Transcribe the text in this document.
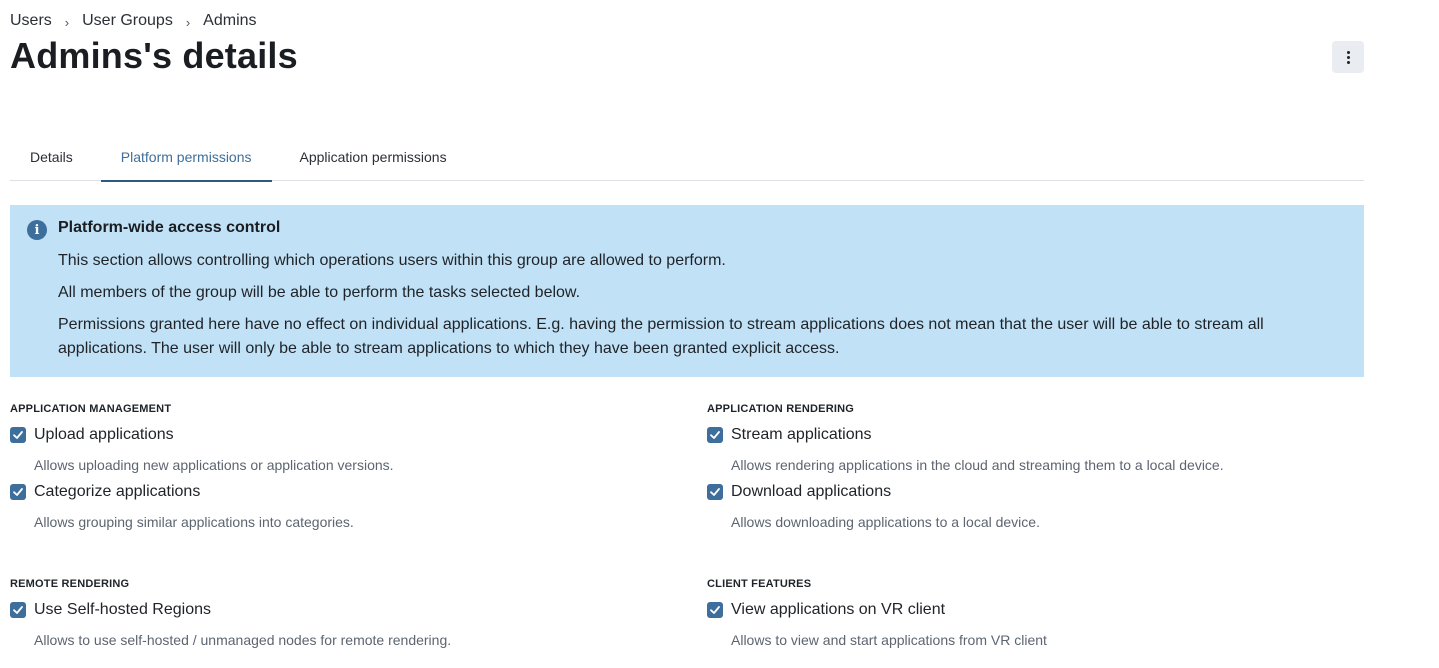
Users › User Groups › Admins
Admins's details
Details	Platform permissions	Application permissions
i	Platform-wide access control

This section allows controlling which operations users within this group are allowed to perform.

All members of the group will be able to perform the tasks selected below.

Permissions granted here have no effect on individual applications. E.g. having the permission to stream applications does not mean that the user will be able to stream all applications. The user will only be able to stream applications to which they have been granted explicit access.

APPLICATION MANAGEMENT
Upload applications
Allows uploading new applications or application versions.
Categorize applications
Allows grouping similar applications into categories.
APPLICATION RENDERING
Stream applications
Allows rendering applications in the cloud and streaming them to a local device.
Download applications
Allows downloading applications to a local device.
REMOTE RENDERING
Use Self-hosted Regions
Allows to use self-hosted / unmanaged nodes for remote rendering.
CLIENT FEATURES
View applications on VR client
Allows to view and start applications from VR client
